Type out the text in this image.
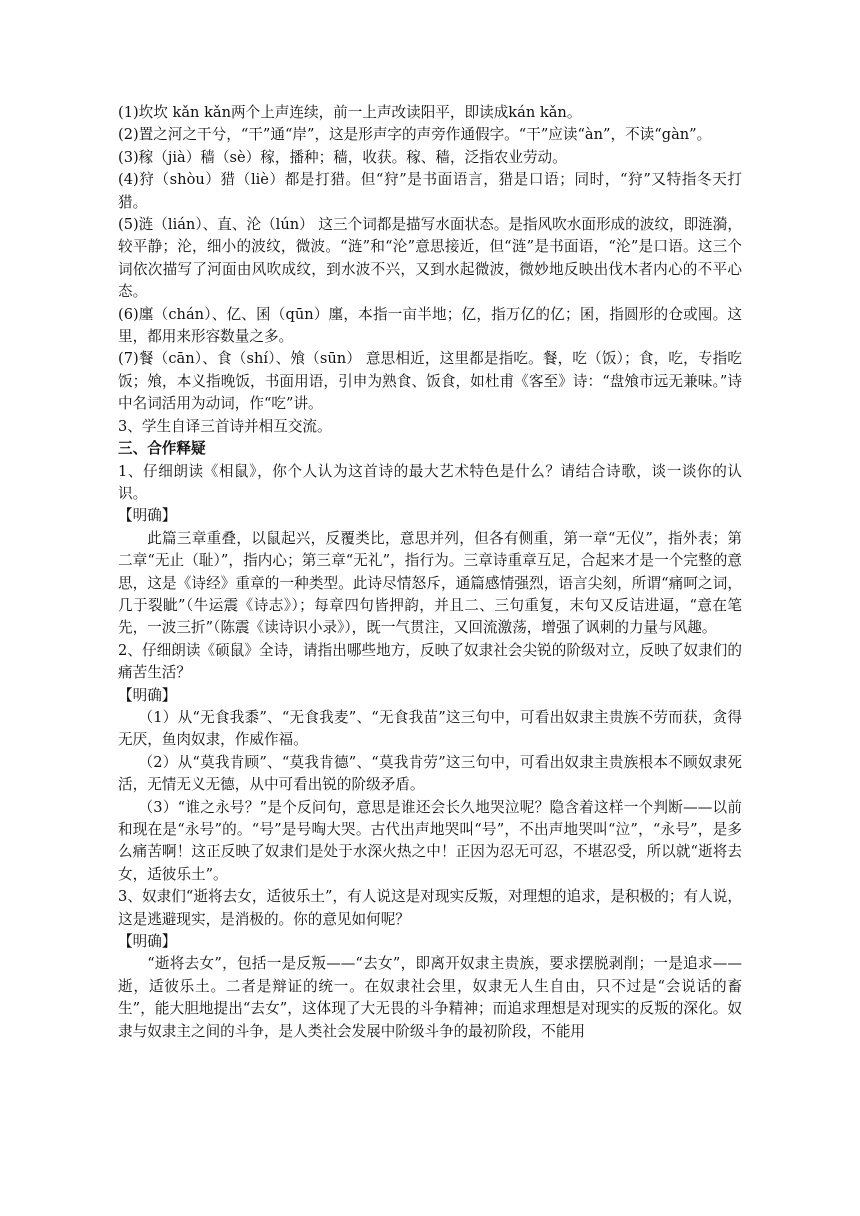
(1)坎坎 kǎn kǎn两个上声连续，前一上声改读阳平，即读成kán kǎn。

(2)置之河之干兮，“干”通“岸”，这是形声字的声旁作通假字。“干”应读“àn”，不读“gàn”。

(3)稼（jià）穑（sè）稼，播种；穑，收获。稼、穑，泛指农业劳动。

(4)狩（shòu）猎（liè）都是打猎。但“狩”是书面语言，猎是口语；同时，“狩”又特指冬天打猎。

(5)涟（lián）、直、沦（lún） 这三个词都是描写水面状态。是指风吹水面形成的波纹，即涟漪，较平静；沦，细小的波纹，微波。“涟”和“沦”意思接近，但“涟”是书面语，“沦”是口语。这三个词依次描写了河面由风吹成纹，到水波不兴，又到水起微波，微妙地反映出伐木者内心的不平心态。

(6)廛（chán）、亿、囷（qūn）廛，本指一亩半地；亿，指万亿的亿；囷，指圆形的仓或囤。这里，都用来形容数量之多。

(7)餐（cān）、食（shí）、飧（sūn） 意思相近，这里都是指吃。餐，吃（饭）；食，吃，专指吃饭；飧，本义指晚饭，书面用语，引申为熟食、饭食，如杜甫《客至》诗：“盘飧市远无兼味。”诗中名词活用为动词，作“吃”讲。

3、学生自译三首诗并相互交流。

三、合作释疑

1、仔细朗读《相鼠》，你个人认为这首诗的最大艺术特色是什么？请结合诗歌，谈一谈你的认识。

【明确】

此篇三章重叠，以鼠起兴，反覆类比，意思并列，但各有侧重，第一章“无仪”，指外表；第二章“无止（耻）”，指内心；第三章“无礼”，指行为。三章诗重章互足，合起来才是一个完整的意思，这是《诗经》重章的一种类型。此诗尽情怒斥，通篇感情强烈，语言尖刻，所谓“痛呵之词，几于裂眦”（牛运震《诗志》）；每章四句皆押韵，并且二、三句重复，末句又反诘进逼，“意在笔先，一波三折”（陈震《读诗识小录》），既一气贯注，又回流激荡，增强了讽刺的力量与风趣。

2、仔细朗读《硕鼠》全诗，请指出哪些地方，反映了奴隶社会尖锐的阶级对立，反映了奴隶们的痛苦生活？

【明确】

（1）从“无食我黍”、“无食我麦”、“无食我苗”这三句中，可看出奴隶主贵族不劳而获，贪得无厌，鱼肉奴隶，作威作福。

（2）从“莫我肯顾”、“莫我肯德”、“莫我肯劳”这三句中，可看出奴隶主贵族根本不顾奴隶死活，无情无义无德，从中可看出锐的阶级矛盾。

（3）“谁之永号？”是个反问句，意思是谁还会长久地哭泣呢？隐含着这样一个判断——以前和现在是“永号”的。“号”是号啕大哭。古代出声地哭叫“号”，不出声地哭叫“泣”，“永号”，是多么痛苦啊！这正反映了奴隶们是处于水深火热之中！正因为忍无可忍，不堪忍受，所以就“逝将去女，适彼乐土”。

3、奴隶们“逝将去女，适彼乐土”，有人说这是对现实反叛，对理想的追求，是积极的；有人说，这是逃避现实，是消极的。你的意见如何呢？

【明确】

“逝将去女”，包括一是反叛——“去女”，即离开奴隶主贵族，要求摆脱剥削；一是追求——逝，适彼乐土。二者是辩证的统一。在奴隶社会里，奴隶无人生自由，只不过是“会说话的畜生”，能大胆地提出“去女”，这体现了大无畏的斗争精神；而追求理想是对现实的反叛的深化。奴隶与奴隶主之间的斗争，是人类社会发展中阶级斗争的最初阶段，不能用
